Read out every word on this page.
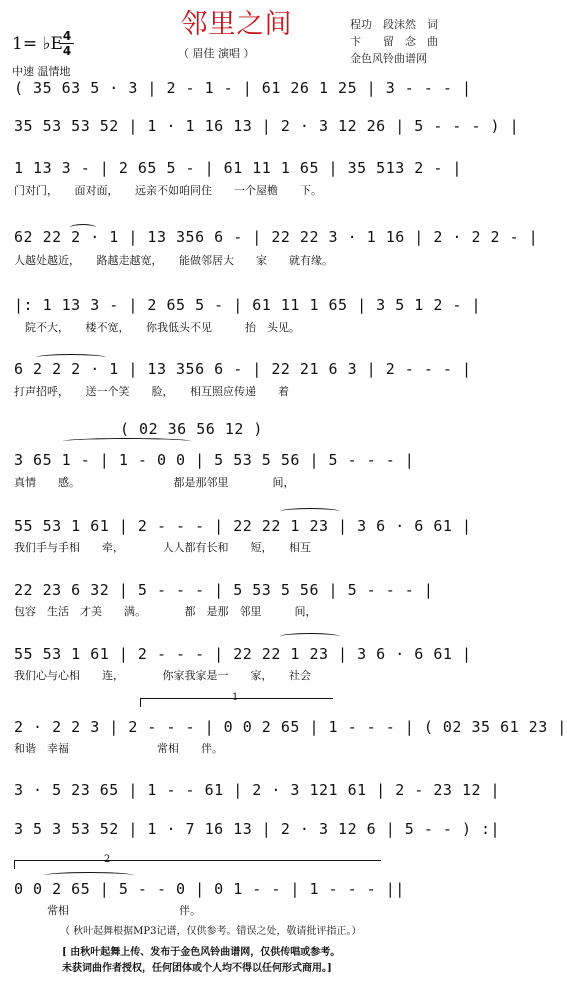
邻里之间	程功　段沫然　词
卞　　留　念　曲
金色风铃曲谱网
1= ♭E 4
4
中速 温情地
（ 眉佳 演唱 ）
( 35 63 5 · 3 | 2 - 1 - | 61 26 1 25 | 3 - - - |
35 53 53 52 | 1 · 1 16 13 | 2 · 3 12 26 | 5 - - - ) |
1 13 3 - | 2 65 5 - | 61 11 1 65 | 35 513 2 - |
门对门，　　面对面，　　远亲不如咱同住　　一个屋檐　　下。
62 22 2 · 1 | 13 356 6 - | 22 22 3 · 1 16 | 2 · 2 2 - |
人越处越近，　　路越走越宽，　　能做邻居大　　家　　就有缘。
|: 1 13 3 - | 2 65 5 - | 61 11 1 65 | 3 5 1 2 - |
　院不大，　　楼不宽，　　你我低头不见　　　抬　头见。
6 2 2 2 · 1 | 13 356 6 - | 22 21 6 3 | 2 - - - |
打声招呼，　　送一个笑　　脸，　　相互照应传递　　着
( 02 36 56 12 )
3 65 1 - | 1 - 0 0 | 5 53 5 56 | 5 - - - |
真情　　感。　　　　　　　　　都是那邻里　　　　间，
55 53 1 61 | 2 - - - | 22 22 1 23 | 3 6 · 6 61 |
我们手与手相　　牵，　　　　人人都有长和　　短，　　相互
22 23 6 32 | 5 - - - | 5 53 5 56 | 5 - - - |
包容　生活　才美　　满。　　　　都　是那　邻里　　　间，
55 53 1 61 | 2 - - - | 22 22 1 23 | 3 6 · 6 61 |
我们心与心相　　连，　　　　你家我家是一　　家，　　社会
1
2 · 2 2 3 | 2 - - - | 0 0 2 65 | 1 - - - | ( 02 35 61 23 |
和谐　幸福　　　　　　　　常相　　伴。
3 · 5 23 65 | 1 - - 61 | 2 · 3 121 61 | 2 - 23 12 |
3 5 3 53 52 | 1 · 7 16 13 | 2 · 3 12 6 | 5 - - ) :|
2
0 0 2 65 | 5 - - 0 | 0 1 - - | 1 - - - ||
　　　常相　　　　　　　　　　伴。
（ 秋叶起舞根据MP3记谱，仅供参考。错误之处，敬请批评指正。）
[ 由秋叶起舞上传、发布于金色风铃曲谱网，仅供传唱或参考。
未获词曲作者授权，任何团体或个人均不得以任何形式商用。]
